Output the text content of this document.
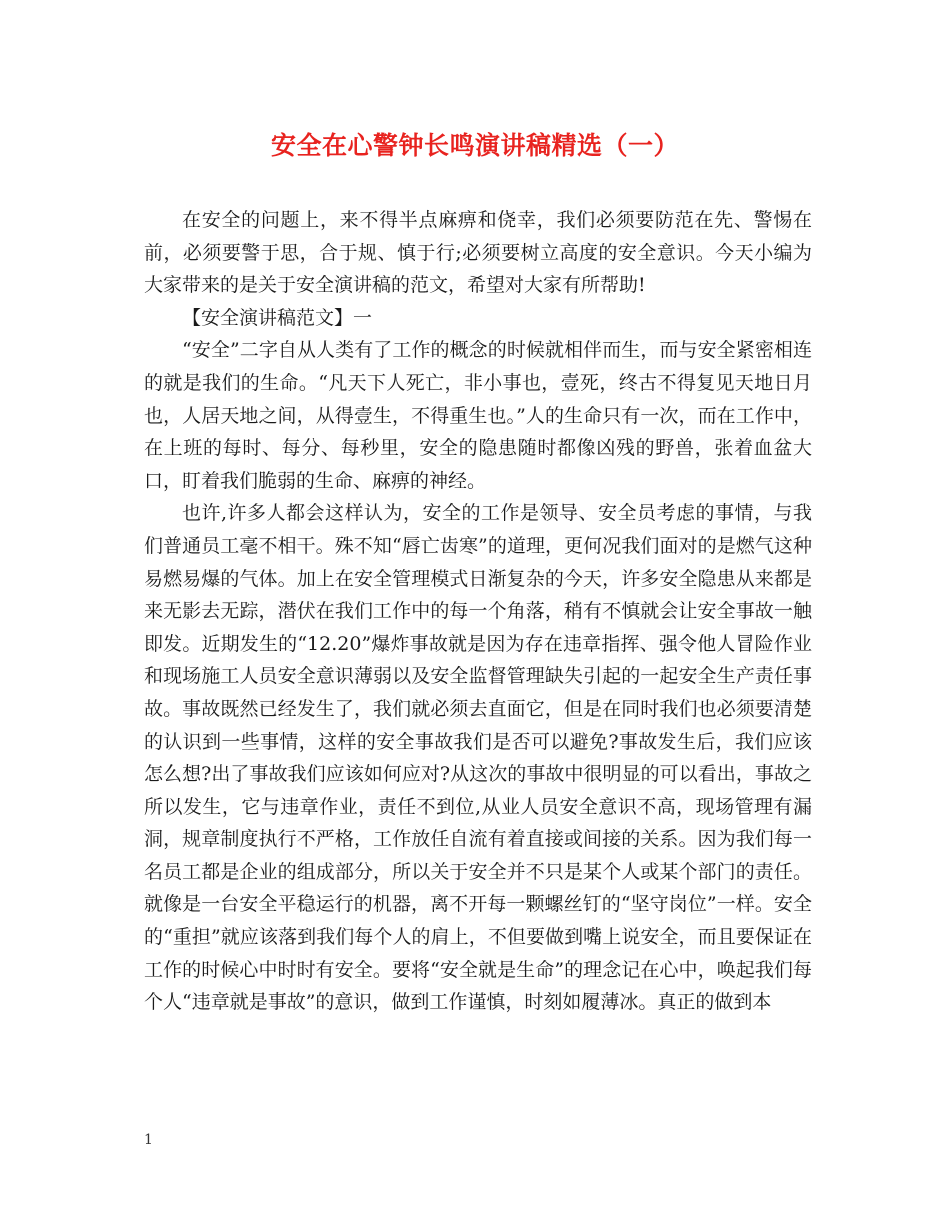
安全在心警钟长鸣演讲稿精选（一）

在安全的问题上，来不得半点麻痹和侥幸，我们必须要防范在先、警惕在前，必须要警于思，合于规、慎于行;必须要树立高度的安全意识。今天小编为大家带来的是关于安全演讲稿的范文，希望对大家有所帮助!

【安全演讲稿范文】一

“安全”二字自从人类有了工作的概念的时候就相伴而生，而与安全紧密相连的就是我们的生命。“凡天下人死亡，非小事也，壹死，终古不得复见天地日月也，人居天地之间，从得壹生，不得重生也。”人的生命只有一次，而在工作中，在上班的每时、每分、每秒里，安全的隐患随时都像凶残的野兽，张着血盆大口，盯着我们脆弱的生命、麻痹的神经。

也许,许多人都会这样认为，安全的工作是领导、安全员考虑的事情，与我们普通员工毫不相干。殊不知“唇亡齿寒”的道理，更何况我们面对的是燃气这种易燃易爆的气体。加上在安全管理模式日渐复杂的今天，许多安全隐患从来都是来无影去无踪，潜伏在我们工作中的每一个角落，稍有不慎就会让安全事故一触即发。近期发生的“12.20”爆炸事故就是因为存在违章指挥、强令他人冒险作业和现场施工人员安全意识薄弱以及安全监督管理缺失引起的一起安全生产责任事故。事故既然已经发生了，我们就必须去直面它，但是在同时我们也必须要清楚的认识到一些事情，这样的安全事故我们是否可以避免?事故发生后，我们应该怎么想?出了事故我们应该如何应对?从这次的事故中很明显的可以看出，事故之所以发生，它与违章作业，责任不到位,从业人员安全意识不高，现场管理有漏洞，规章制度执行不严格，工作放任自流有着直接或间接的关系。因为我们每一名员工都是企业的组成部分，所以关于安全并不只是某个人或某个部门的责任。就像是一台安全平稳运行的机器，离不开每一颗螺丝钉的“坚守岗位”一样。安全的“重担”就应该落到我们每个人的肩上，不但要做到嘴上说安全，而且要保证在工作的时候心中时时有安全。要将“安全就是生命”的理念记在心中，唤起我们每个人“违章就是事故”的意识，做到工作谨慎，时刻如履薄冰。真正的做到本

1
